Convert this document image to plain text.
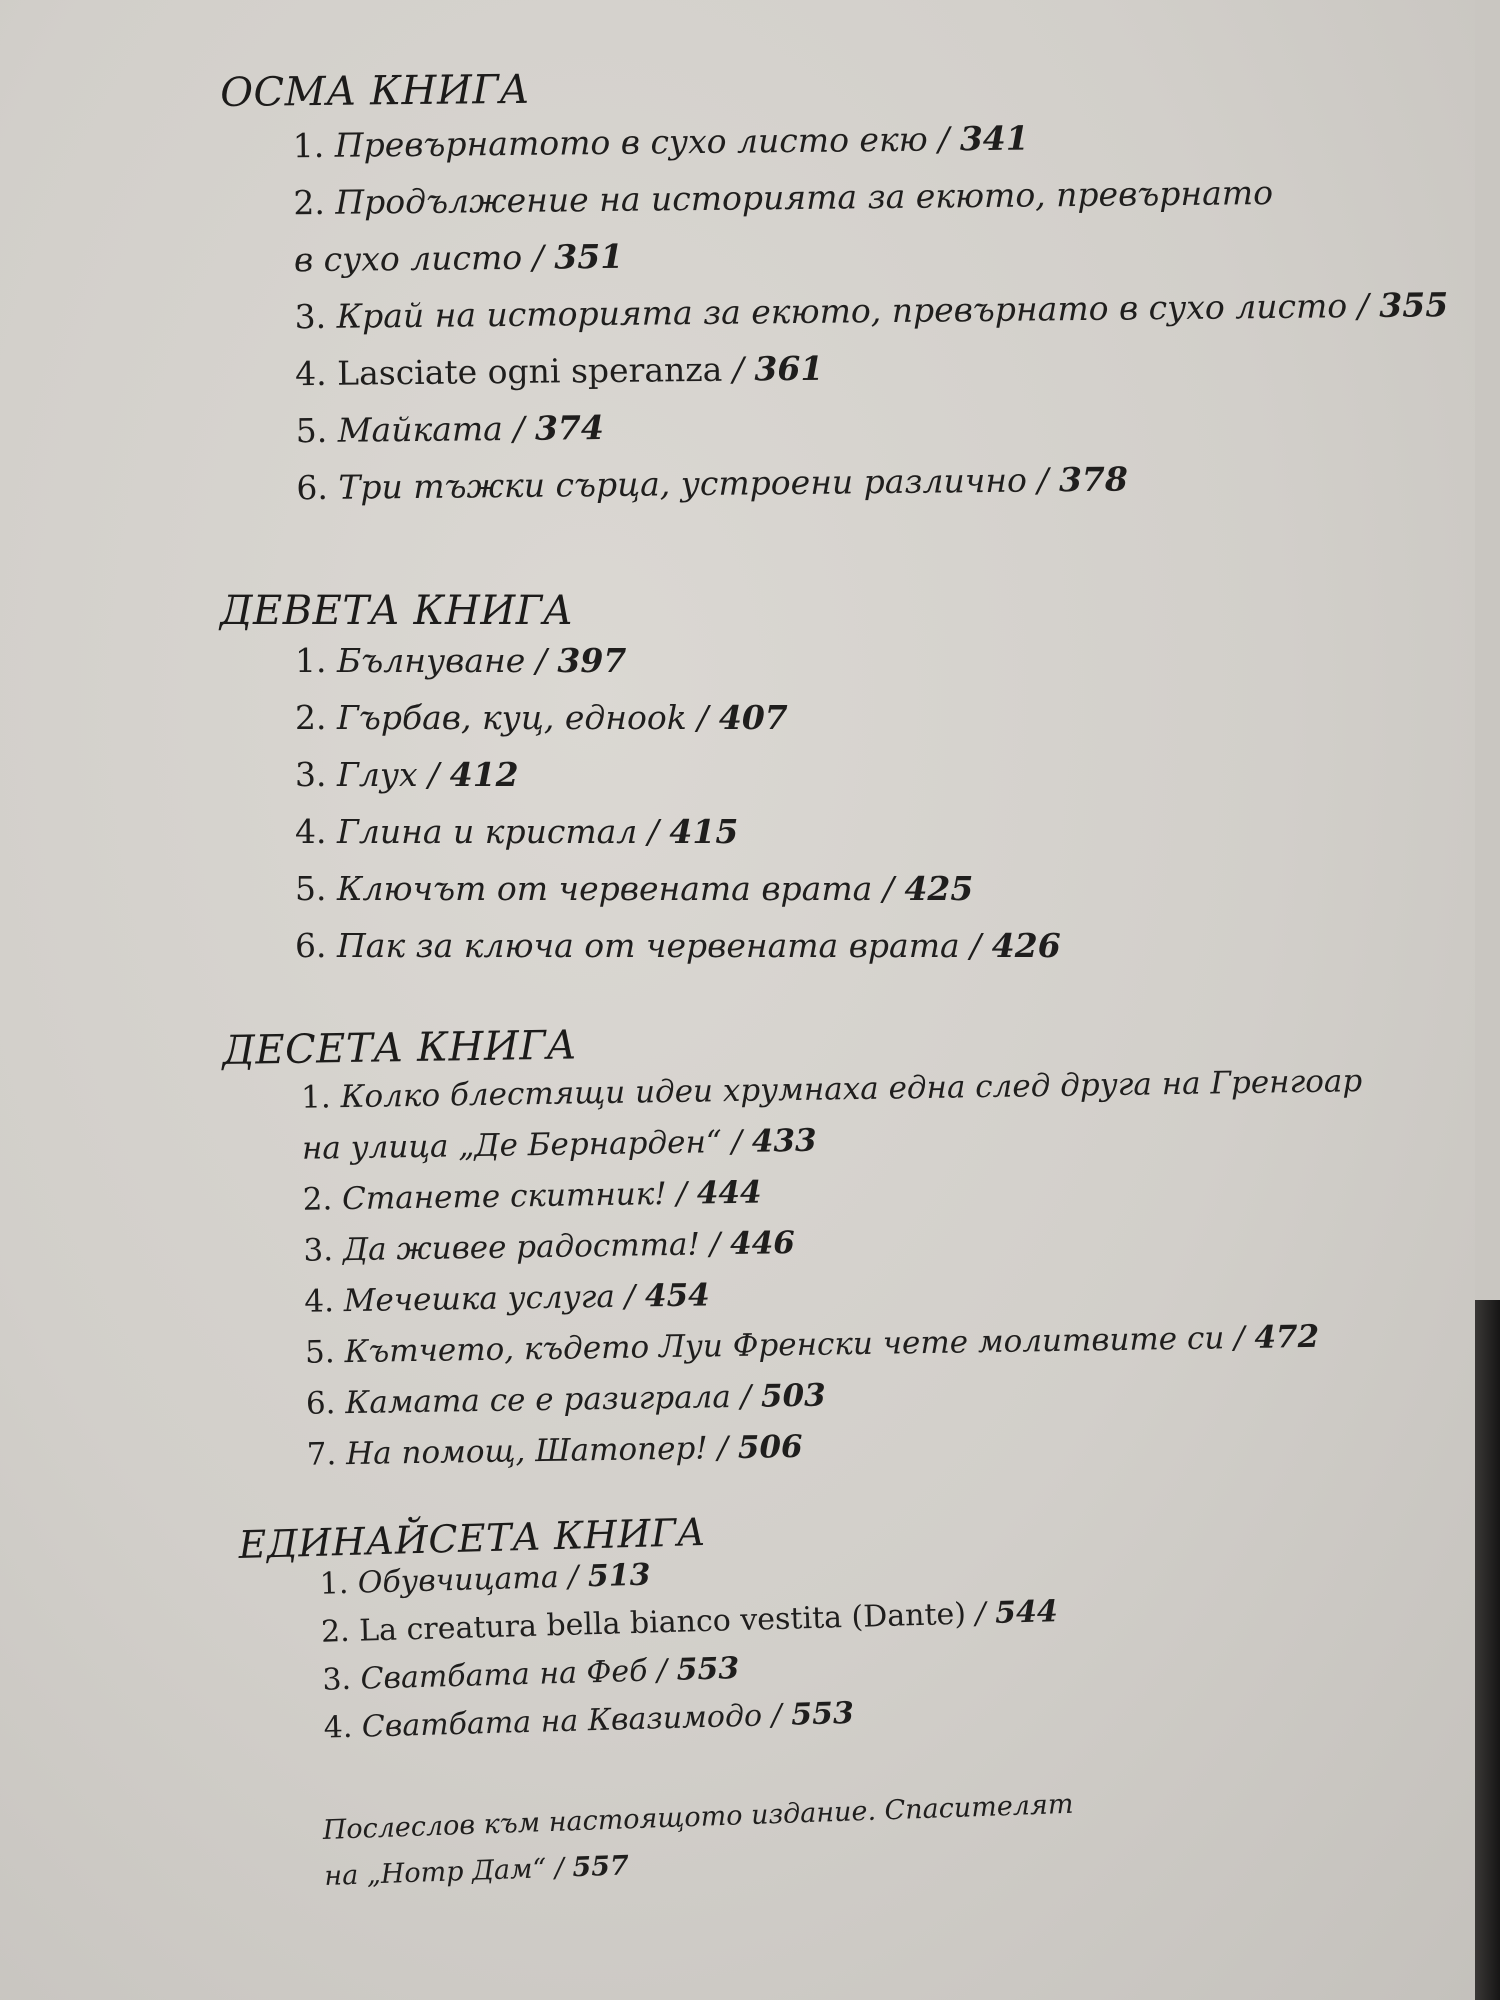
ОСМА КНИГА
1. Превърнатото в сухо листо екю / 341
2. Продължение на историята за екюто, превърнато
в сухо листо / 351
3. Край на историята за екюто, превърнато в сухо листо / 355
4. Lasciate ogni speranza / 361
5. Майката / 374
6. Три тъжки сърца, устроени различно / 378
ДЕВЕТА КНИГА
1. Бълнуване / 397
2. Гърбав, куц, еднook / 407
3. Глух / 412
4. Глина и кристал / 415
5. Ключът от червената врата / 425
6. Пак за ключа от червената врата / 426
ДЕСЕТА КНИГА
1. Колко блестящи идеи хрумнаха една след друга на Гренгоар
на улица „Де Бернарден“ / 433
2. Станете скитник! / 444
3. Да живее радостта! / 446
4. Мечешка услуга / 454
5. Кътчето, където Луи Френски чете молитвите си / 472
6. Камата се е разиграла / 503
7. На помощ, Шатопер! / 506
ЕДИНАЙСЕТА КНИГА
1. Обувчицата / 513
2. La creatura bella bianco vestita (Dante) / 544
3. Сватбата на Феб / 553
4. Сватбата на Квазимодо / 553
Послеслов към настоящото издание. Спасителят
на „Нотр Дам“ / 557
